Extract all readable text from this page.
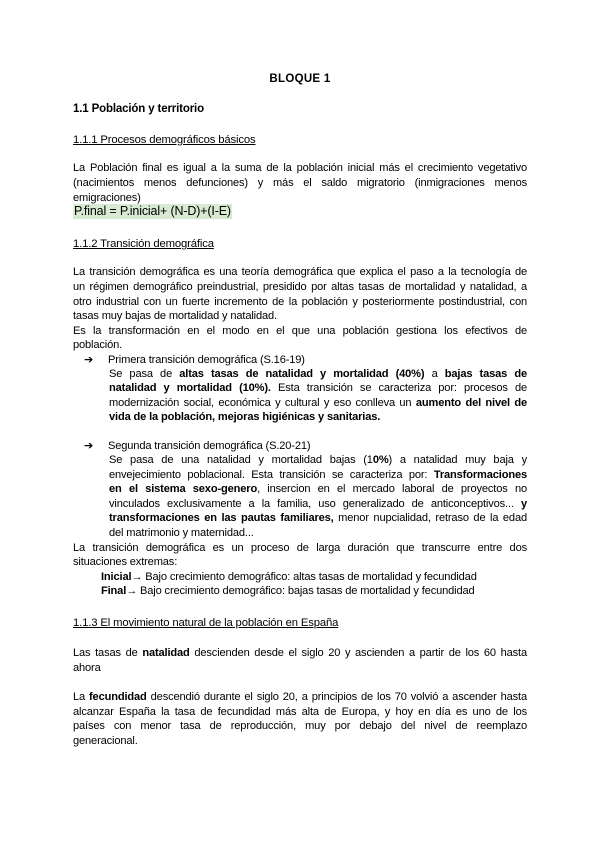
BLOQUE 1
1.1 Población y territorio
1.1.1 Procesos demográficos básicos
La Población final es igual a la suma de la población inicial más el crecimiento vegetativo
(nacimientos menos defunciones) y más el saldo migratorio (inmigraciones menos
emigraciones)
P.final = P.inicial+ (N-D)+(I-E)
1.1.2 Transición demográfica
La transición demográfica es una teoría demográfica que explica el paso a la tecnología de
un régimen demográfico preindustrial, presidido por altas tasas de mortalidad y natalidad, a
otro industrial con un fuerte incremento de la población y posteriormente postindustrial, con
tasas muy bajas de mortalidad y natalidad.
Es la transformación en el modo en el que una población gestiona los efectivos de
población.
➔ Primera transición demográfica (S.16-19)
Se pasa de altas tasas de natalidad y mortalidad (40%) a bajas tasas de
natalidad y mortalidad (10%). Esta transición se caracteriza por: procesos de
modernización social, económica y cultural y eso conlleva un aumento del nivel de
vida de la población, mejoras higiénicas y sanitarias.
➔ Segunda transición demográfica (S.20-21)
Se pasa de una natalidad y mortalidad bajas (10%) a natalidad muy baja y
envejecimiento poblacional. Esta transición se caracteriza por: Transformaciones
en el sistema sexo-genero, insercion en el mercado laboral de proyectos no
vinculados exclusivamente a la familia, uso generalizado de anticonceptivos... y
transformaciones en las pautas familiares, menor nupcialidad, retraso de la edad
del matrimonio y maternidad...
La transición demográfica es un proceso de larga duración que transcurre entre dos
situaciones extremas:
Inicial→ Bajo crecimiento demográfico: altas tasas de mortalidad y fecundidad
Final→ Bajo crecimiento demográfico: bajas tasas de mortalidad y fecundidad
1.1.3 El movimiento natural de la población en España
Las tasas de natalidad descienden desde el siglo 20 y ascienden a partir de los 60 hasta
ahora
La fecundidad descendió durante el siglo 20, a principios de los 70 volvió a ascender hasta
alcanzar España la tasa de fecundidad más alta de Europa, y hoy en día es uno de los
países con menor tasa de reproducción, muy por debajo del nivel de reemplazo
generacional.
